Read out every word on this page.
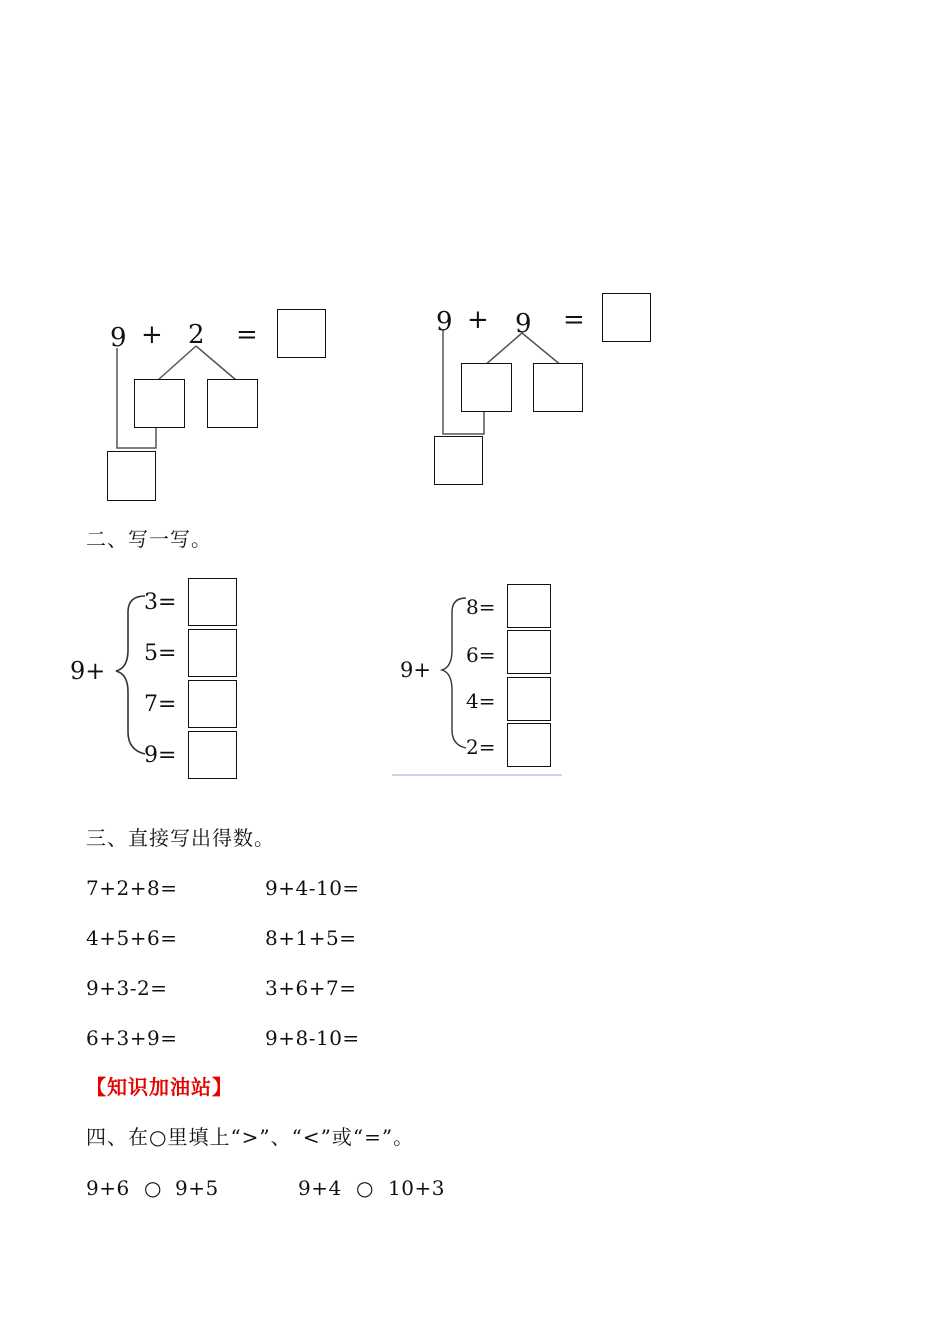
9 + 2 =	9 + 9 =
二、写一写。
9+
3=
5=
7=
9=
9+
8=
6=
4=
2=
三、直接写出得数。
7+2+8=	9+4-10=
4+5+6=	8+1+5=
9+3-2=	3+6+7=
6+3+9=	9+8-10=
【知识加油站】
四、在○里填上“>”、“<”或“=”。
9+6 ○ 9+5	9+4 ○ 10+3
